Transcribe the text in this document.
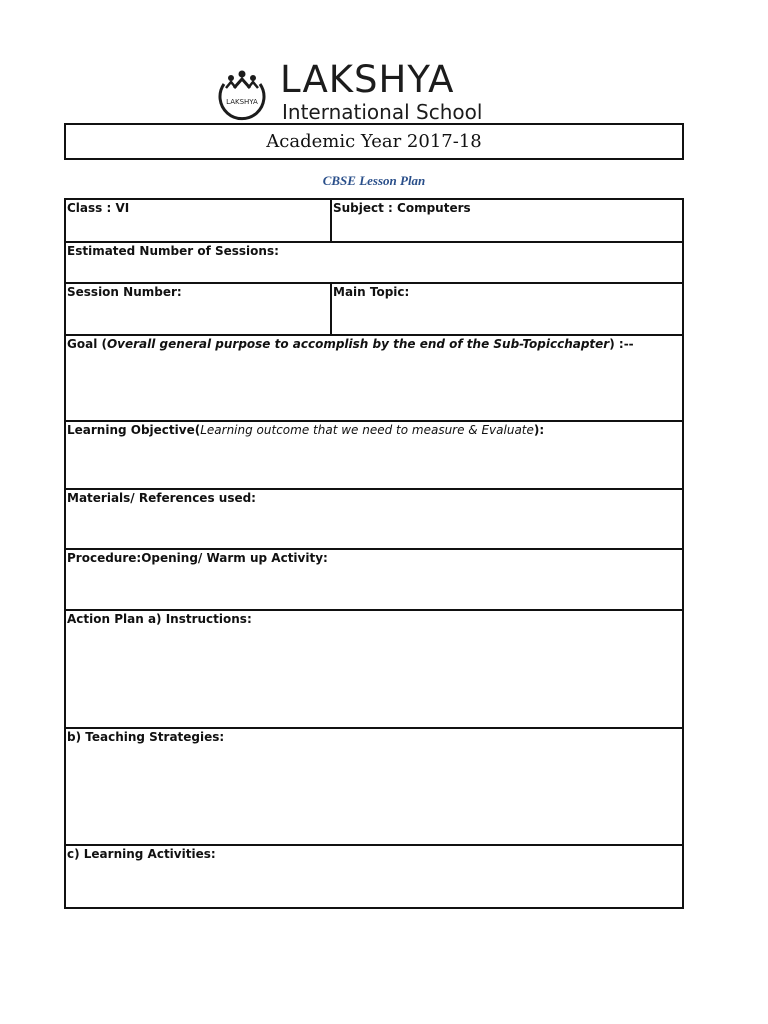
LAKSHYA
LAKSHYA
International School
Academic Year 2017-18
CBSE Lesson Plan
Class : VI	Subject : Computers
Estimated Number of Sessions:
Session Number:	Main Topic:
Goal (Overall general purpose to accomplish by the end of the Sub-Topicchapter) :--
Learning Objective(Learning outcome that we need to measure & Evaluate):
Materials/ References used:
Procedure:Opening/ Warm up Activity:
Action Plan a) Instructions:
b) Teaching Strategies:
c) Learning Activities:
